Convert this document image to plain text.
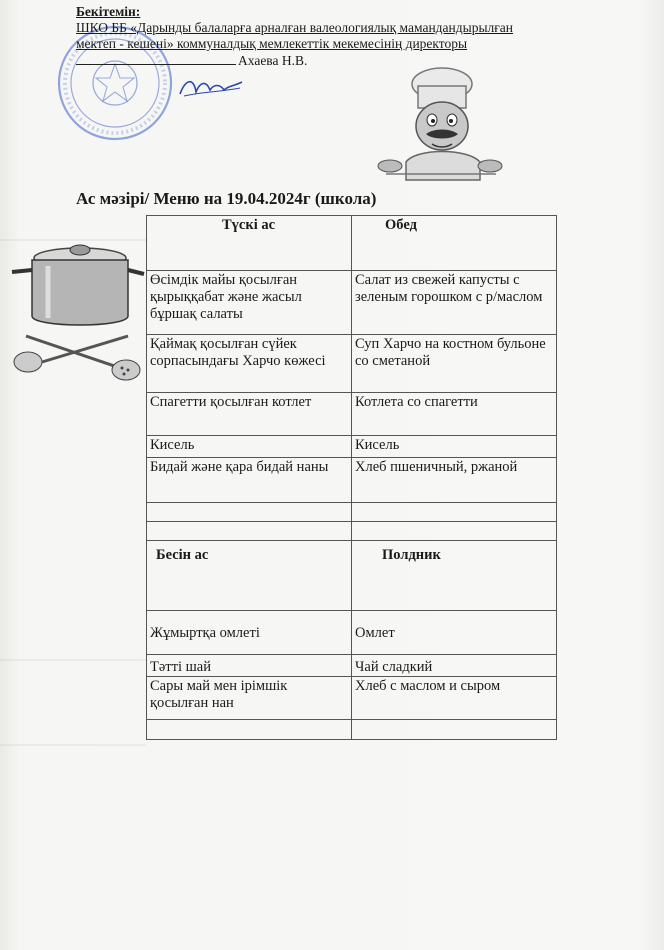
Бекітемін:
ШКО ББ «Дарынды балаларға арналған валеологиялық мамандандырылған
мектеп - кешені» коммуналдық мемлекеттік мекемесінің директоры
Ахаева Н.В.
Ас мәзірі/ Меню на 19.04.2024г (школа)
Түскі ас	Обед
Өсімдік майы қосылған қырыққабат және жасыл бұршақ салаты	Салат из свежей капусты с зеленым горошком с р/маслом
Қаймақ қосылған сүйек сорпасындағы Харчо көжесі	Суп Харчо на костном бульоне со сметаной
Спагетти қосылған котлет	Котлета со спагетти
Кисель	Кисель
Бидай және қара бидай наны	Хлеб пшеничный, ржаной

Бесін ас	Полдник
Жұмыртқа омлеті	Омлет
Тәтті шай	Чай сладкий
Сары май мен ірімшік қосылған нан	Хлеб с маслом и сыром
